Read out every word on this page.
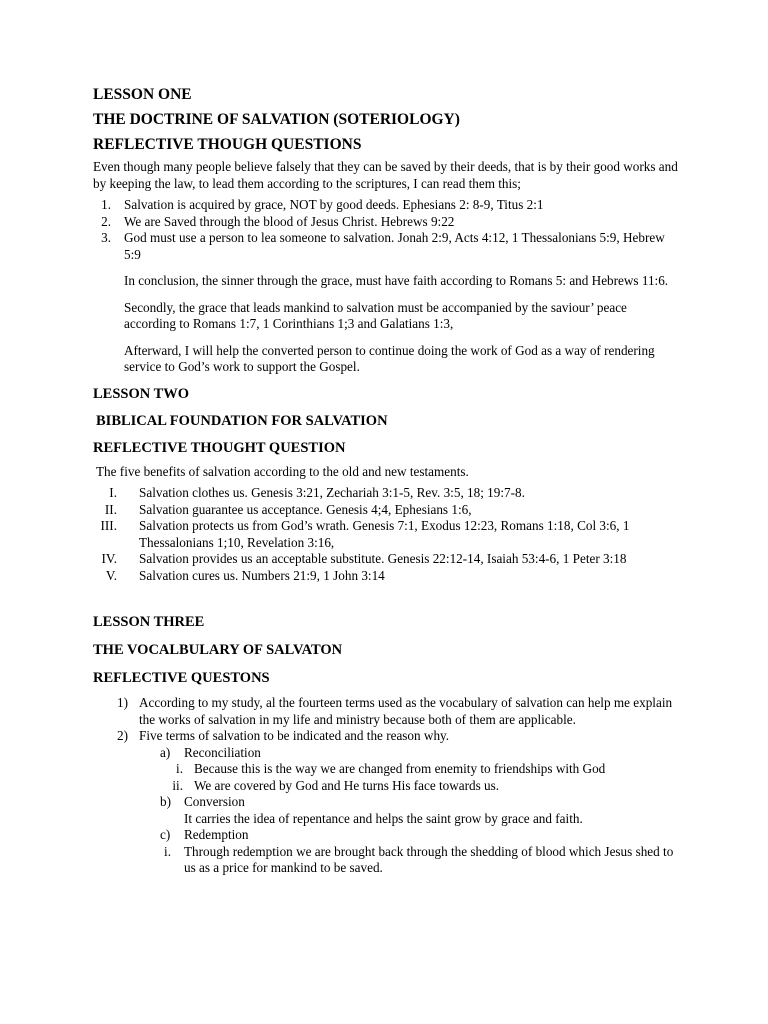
LESSON ONE
THE DOCTRINE OF SALVATION (SOTERIOLOGY)
REFLECTIVE THOUGH QUESTIONS

Even though many people believe falsely that they can be saved by their deeds, that is by their good works and by keeping the law, to lead them according to the scriptures, I can read them this;

1. Salvation is acquired by grace, NOT by good deeds. Ephesians 2: 8-9, Titus 2:1
2. We are Saved through the blood of Jesus Christ. Hebrews 9:22
3. God must use a person to lea someone to salvation. Jonah 2:9, Acts 4:12, 1 Thessalonians 5:9, Hebrew 5:9

In conclusion, the sinner through the grace, must have faith according to Romans 5: and Hebrews 11:6.

Secondly, the grace that leads mankind to salvation must be accompanied by the saviour’ peace according to Romans 1:7, 1 Corinthians 1;3 and Galatians 1:3,

Afterward, I will help the converted person to continue doing the work of God as a way of rendering service to God’s work to support the Gospel.

LESSON TWO
BIBLICAL FOUNDATION FOR SALVATION
REFLECTIVE THOUGHT QUESTION

The five benefits of salvation according to the old and new testaments.

I. Salvation clothes us. Genesis 3:21, Zechariah 3:1-5, Rev. 3:5, 18; 19:7-8.
II. Salvation guarantee us acceptance. Genesis 4;4, Ephesians 1:6,
III. Salvation protects us from God’s wrath. Genesis 7:1, Exodus 12:23, Romans 1:18, Col 3:6, 1 Thessalonians 1;10, Revelation 3:16,
IV. Salvation provides us an acceptable substitute. Genesis 22:12-14, Isaiah 53:4-6, 1 Peter 3:18
V. Salvation cures us. Numbers 21:9, 1 John 3:14
LESSON THREE
THE VOCALBULARY OF SALVATON
REFLECTIVE QUESTONS
1) According to my study, al the fourteen terms used as the vocabulary of salvation can help me explain the works of salvation in my life and ministry because both of them are applicable.
2) Five terms of salvation to be indicated and the reason why.
a) Reconciliation
i. Because this is the way we are changed from enemity to friendships with God
ii. We are covered by God and He turns His face towards us.
b) Conversion
It carries the idea of repentance and helps the saint grow by grace and faith.
c) Redemption
i. Through redemption we are brought back through the shedding of blood which Jesus shed to us as a price for mankind to be saved.
